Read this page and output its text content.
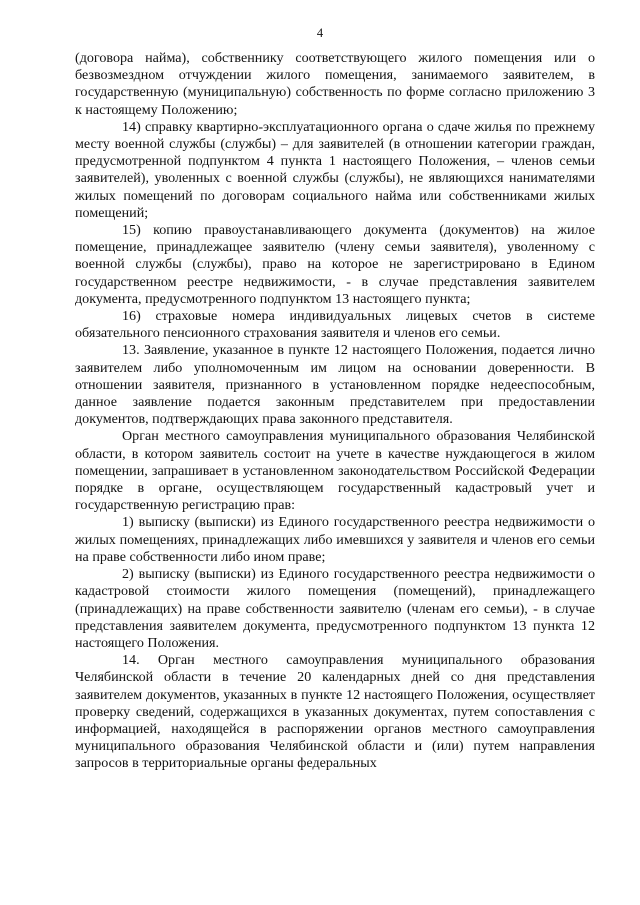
4

(договора найма), собственнику соответствующего жилого помещения или о безвозмездном отчуждении жилого помещения, занимаемого заявителем, в государственную (муниципальную) собственность по форме согласно приложению 3 к настоящему Положению;

14) справку квартирно-эксплуатационного органа о сдаче жилья по прежнему месту военной службы (службы) – для заявителей (в отношении категории граждан, предусмотренной подпунктом 4 пункта 1 настоящего Положения, – членов семьи заявителей), уволенных с военной службы (службы), не являющихся нанимателями жилых помещений по договорам социального найма или собственниками жилых помещений;

15) копию правоустанавливающего документа (документов) на жилое помещение, принадлежащее заявителю (члену семьи заявителя), уволенному с военной службы (службы), право на которое не зарегистрировано в Едином государственном реестре недвижимости, - в случае представления заявителем документа, предусмотренного подпунктом 13 настоящего пункта;

16) страховые номера индивидуальных лицевых счетов в системе обязательного пенсионного страхования заявителя и членов его семьи.

13. Заявление, указанное в пункте 12 настоящего Положения, подается лично заявителем либо уполномоченным им лицом на основании доверенности. В отношении заявителя, признанного в установленном порядке недееспособным, данное заявление подается законным представителем при предоставлении документов, подтверждающих права законного представителя.

Орган местного самоуправления муниципального образования Челябинской области, в котором заявитель состоит на учете в качестве нуждающегося в жилом помещении, запрашивает в установленном законодательством Российской Федерации порядке в органе, осуществляющем государственный кадастровый учет и государственную регистрацию прав:

1) выписку (выписки) из Единого государственного реестра недвижимости о жилых помещениях, принадлежащих либо имевшихся у заявителя и членов его семьи на праве собственности либо ином праве;

2) выписку (выписки) из Единого государственного реестра недвижимости о кадастровой стоимости жилого помещения (помещений), принадлежащего (принадлежащих) на праве собственности заявителю (членам его семьи), - в случае представления заявителем документа, предусмотренного подпунктом 13 пункта 12 настоящего Положения.

14. Орган местного самоуправления муниципального образования Челябинской области в течение 20 календарных дней со дня представления заявителем документов, указанных в пункте 12 настоящего Положения, осуществляет проверку сведений, содержащихся в указанных документах, путем сопоставления с информацией, находящейся в распоряжении органов местного самоуправления муниципального образования Челябинской области и (или) путем направления запросов в территориальные органы федеральных
